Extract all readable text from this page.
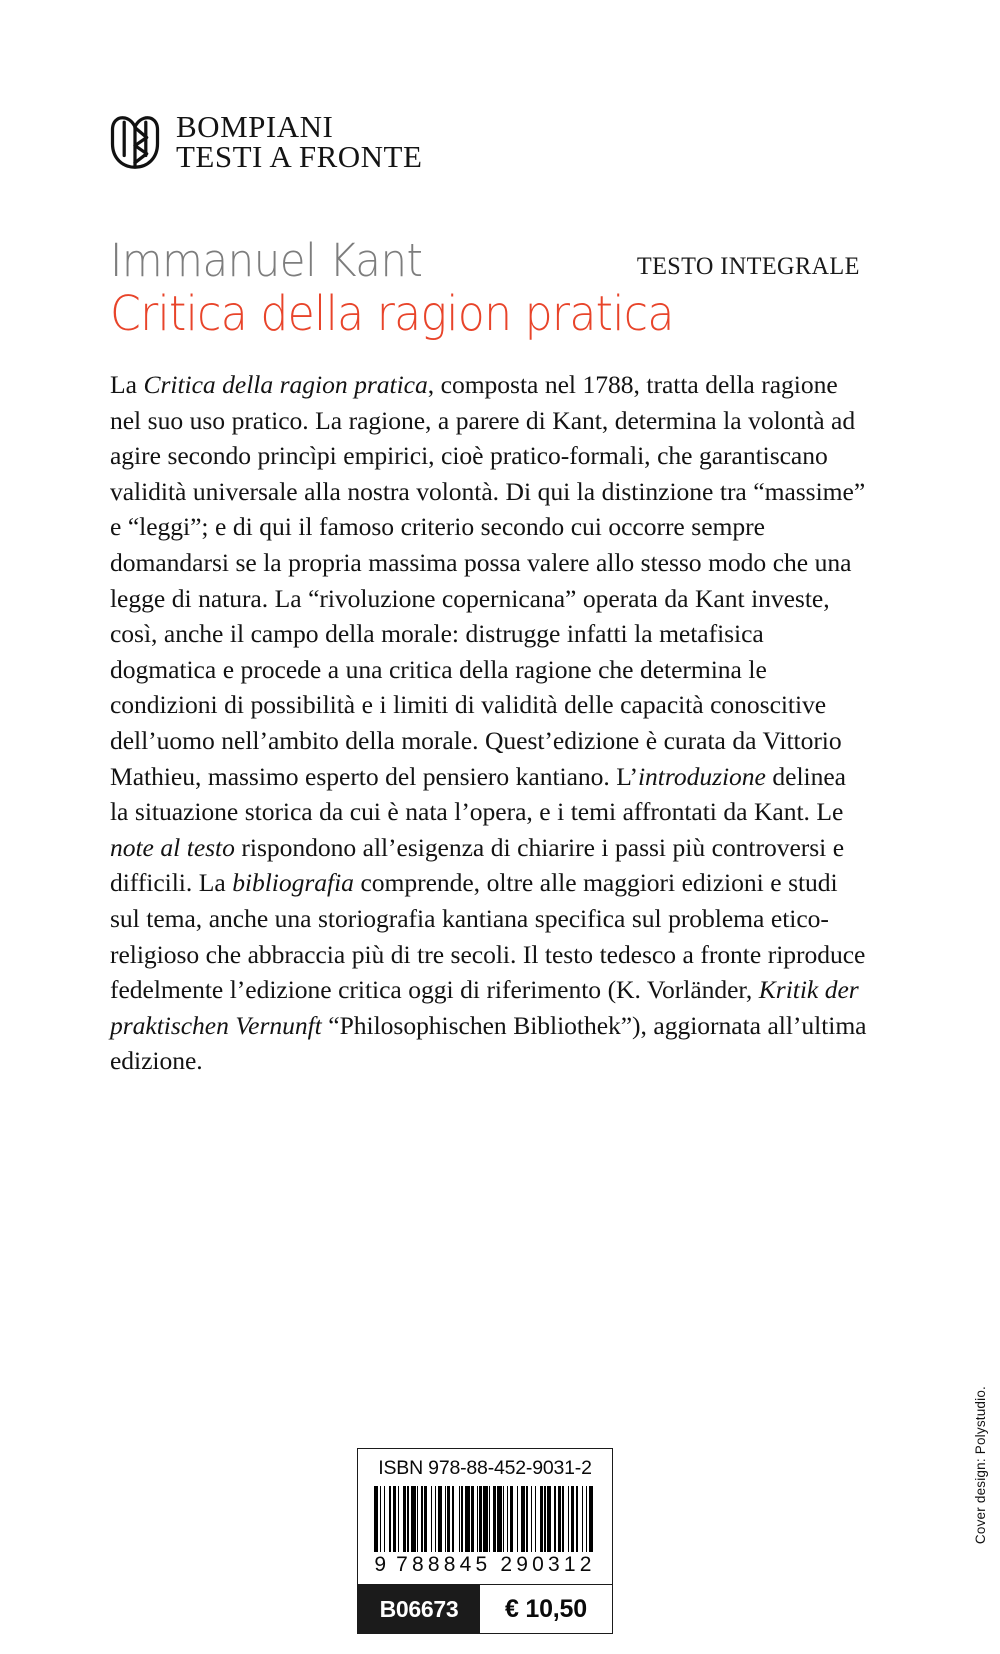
BOMPIANI
TESTI A FRONTE
Immanuel Kant
Critica della ragion pratica
TESTO INTEGRALE
La Critica della ragion pratica, composta nel 1788, tratta della ragione nel suo uso pratico. La ragione, a parere di Kant, determina la volontà ad agire secondo princìpi empirici, cioè pratico-formali, che garantiscano validità universale alla nostra volontà. Di qui la distinzione tra “massime” e “leggi”; e di qui il famoso criterio secondo cui occorre sempre domandarsi se la propria massima possa valere allo stesso modo che una legge di natura. La “rivoluzione copernicana” operata da Kant investe, così, anche il campo della morale: distrugge infatti la metafisica dogmatica e procede a una critica della ragione che determina le condizioni di possibilità e i limiti di validità delle capacità conoscitive dell’uomo nell’ambito della morale. Quest’edizione è curata da Vittorio Mathieu, massimo esperto del pensiero kantiano. L’introduzione delinea la situazione storica da cui è nata l’opera, e i temi affrontati da Kant. Le note al testo rispondono all’esigenza di chiarire i passi più controversi e difficili. La bibliografia comprende, oltre alle maggiori edizioni e studi sul tema, anche una storiografia kantiana specifica sul problema etico-religioso che abbraccia più di tre secoli. Il testo tedesco a fronte riproduce fedelmente l’edizione critica oggi di riferimento (K. Vorländer, Kritik der praktischen Vernunft “Philosophischen Bibliothek”), aggiornata all’ultima edizione.
ISBN 978-88-452-9031-2
9 788845 290312
B06673	€ 10,50
Cover design: Polystudio.
